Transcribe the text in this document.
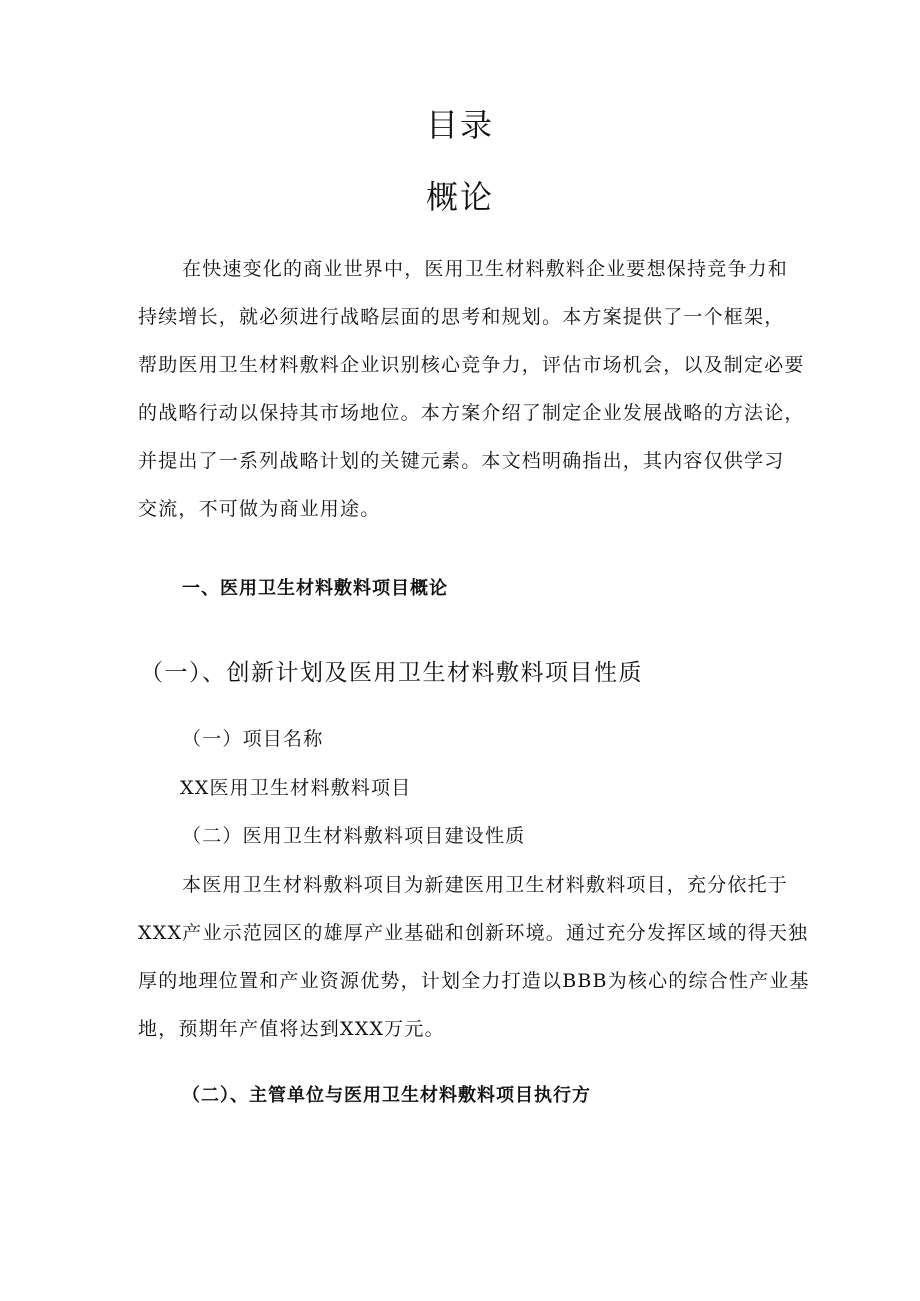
目录
概论
在快速变化的商业世界中，医用卫生材料敷料企业要想保持竞争力和
持续增长，就必须进行战略层面的思考和规划。本方案提供了一个框架，
帮助医用卫生材料敷料企业识别核心竞争力，评估市场机会，以及制定必要
的战略行动以保持其市场地位。本方案介绍了制定企业发展战略的方法论，
并提出了一系列战略计划的关键元素。本文档明确指出，其内容仅供学习
交流，不可做为商业用途。
一、医用卫生材料敷料项目概论
（一）、创新计划及医用卫生材料敷料项目性质
（一）项目名称
XX医用卫生材料敷料项目
（二）医用卫生材料敷料项目建设性质
本医用卫生材料敷料项目为新建医用卫生材料敷料项目，充分依托于
XXX产业示范园区的雄厚产业基础和创新环境。通过充分发挥区域的得天独
厚的地理位置和产业资源优势，计划全力打造以BBB为核心的综合性产业基
地，预期年产值将达到XXX万元。
（二）、主管单位与医用卫生材料敷料项目执行方
